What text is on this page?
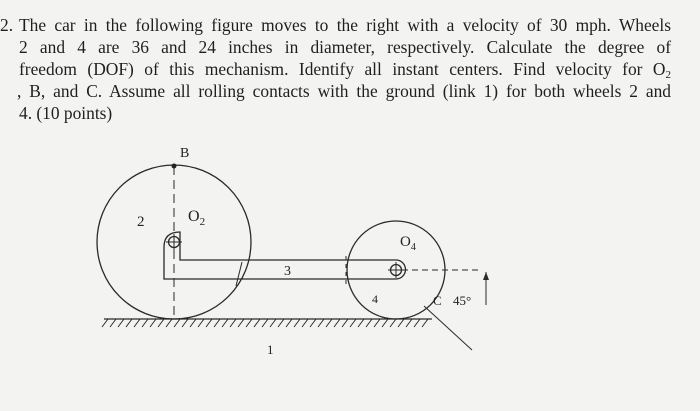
2. The car in the following figure moves to the right with a velocity of 30 mph. Wheels
2 and 4 are 36 and 24 inches in diameter, respectively. Calculate the degree of
freedom (DOF) of this mechanism. Identify all instant centers. Find velocity for $O_2$
, B, and C. Assume all rolling contacts with the ground (link 1) for both wheels 2 and
4. (10 points)
B
2	$O_2$
$O_4$
3
4	C 45°
1
